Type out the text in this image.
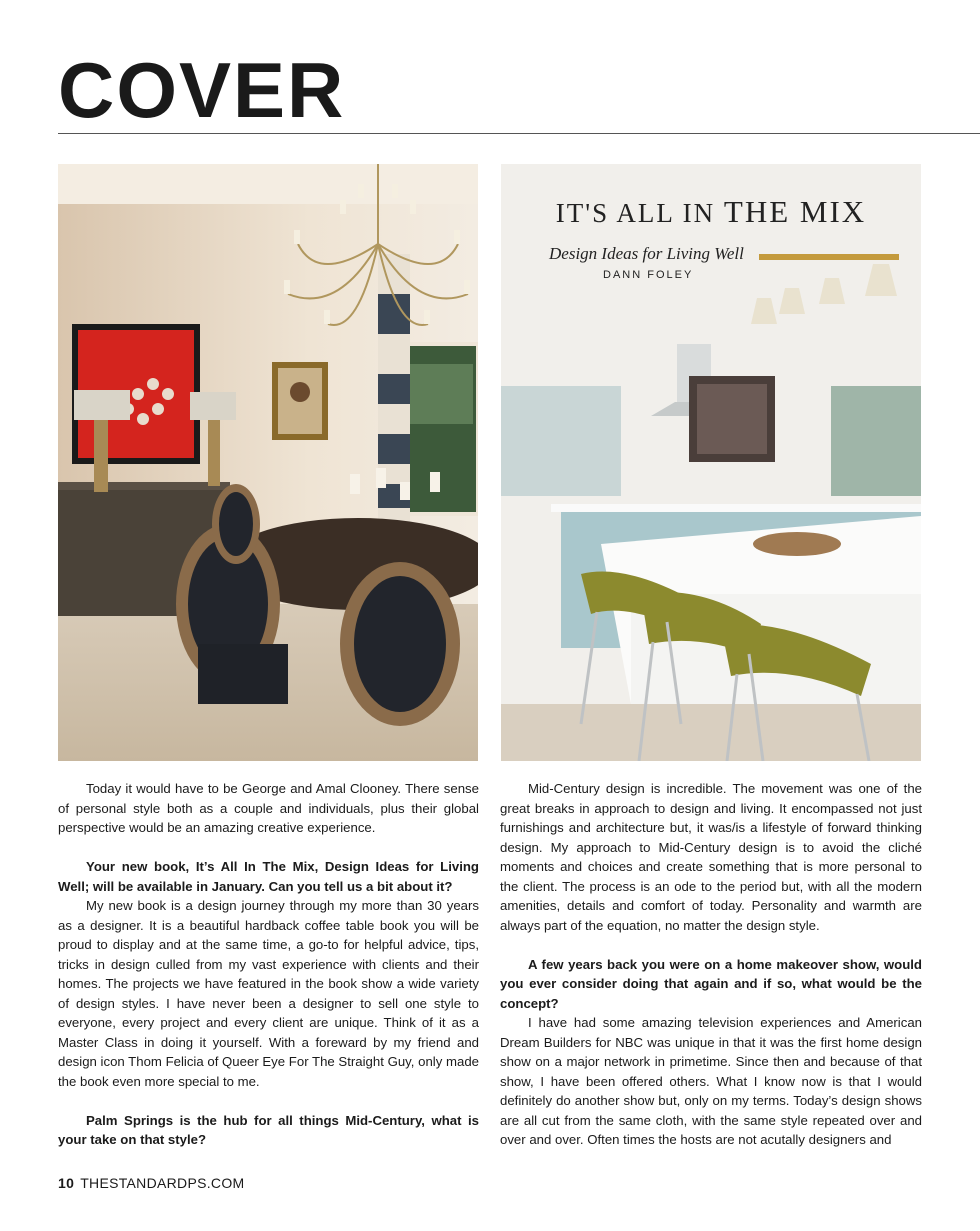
COVER
IT'S ALL IN THE MIX
Design Ideas for Living Well
DANN FOLEY

Today it would have to be George and Amal Clooney. There sense of personal style both as a couple and individuals, plus their global perspective would be an amazing creative experience.

Your new book, It’s All In The Mix, Design Ideas for Living Well; will be available in January. Can you tell us a bit about it?

My new book is a design journey through my more than 30 years as a designer. It is a beautiful hardback coffee table book you will be proud to display and at the same time, a go-to for helpful advice, tips, tricks in design culled from my vast experience with clients and their homes. The projects we have featured in the book show a wide variety of design styles. I have never been a designer to sell one style to everyone, every project and every client are unique. Think of it as a Master Class in doing it yourself. With a foreward by my friend and design icon Thom Felicia of Queer Eye For The Straight Guy, only made the book even more special to me.

Palm Springs is the hub for all things Mid-Century, what is your take on that style?

Mid-Century design is incredible. The movement was one of the great breaks in approach to design and living. It encompassed not just furnishings and architecture but, it was/is a lifestyle of forward thinking design. My approach to Mid-Century design is to avoid the cliché moments and choices and create something that is more personal to the client. The process is an ode to the period but, with all the modern amenities, details and comfort of today. Personality and warmth are always part of the equation, no matter the design style.

A few years back you were on a home makeover show, would you ever consider doing that again and if so, what would be the concept?

I have had some amazing television experiences and American Dream Builders for NBC was unique in that it was the first home design show on a major network in primetime. Since then and because of that show, I have been offered others. What I know now is that I would definitely do another show but, only on my terms. Today’s design shows are all cut from the same cloth, with the same style repeated over and over and over. Often times the hosts are not acutally designers and

10 THESTANDARDPS.COM
